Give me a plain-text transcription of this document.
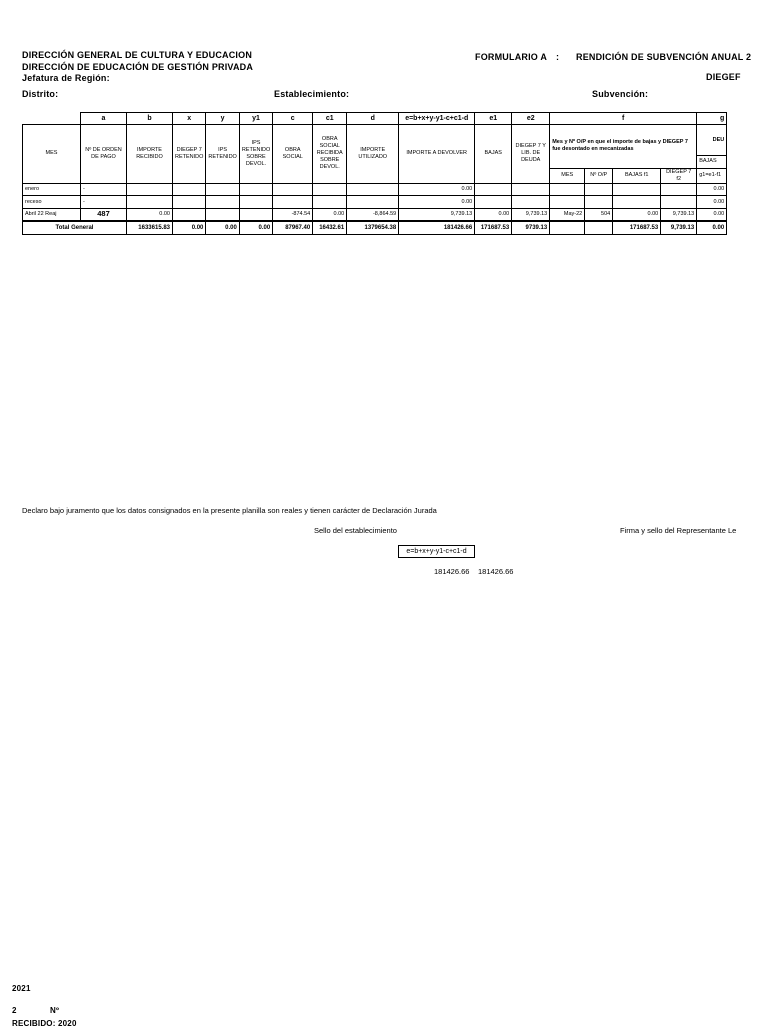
DIRECCIÓN GENERAL DE CULTURA Y EDUCACION
DIRECCIÓN DE EDUCACIÓN DE GESTIÓN PRIVADA
Jefatura de Región:
Distrito:	Establecimiento:	Subvención:
FORMULARIO A : RENDICIÓN DE SUBVENCIÓN ANUAL 2
DIEGEF
	a	b	x	y	y1	c	c1	d	e=b+x+y-y1-c+c1-d	e1	e2	f				g
MES	Nº DE ORDEN DE PAGO	IMPORTE RECIBIDO	DIEGEP 7 RETENIDO	IPS RETENIDO	IPS RETENIDO SOBRE DEVOL.	OBRA SOCIAL	OBRA SOCIAL RECIBIDA SOBRE DEVOL.	IMPORTE UTILIZADO	IMPORTE A DEVOLVER	BAJAS	DIEGEP 7 Y LIB. DE DEUDA	Mes y Nº O/P en que el importe de bajas y DIEGEP 7 fue desontado en mecanizadas				DEU
																BAJAS
												MES	Nº O/P	BAJAS f1	DIEGEP 7 f2	g1=e1-f1
enero	-								0.00							0.00
receso	-								0.00							0.00
Abril 22 Reaj	487	0.00				-874.54	0.00	-8,864.59	9,739.13	0.00	9,739.13	May-22	504	0.00	9,739.13	0.00
Total General		1633615.83	0.00	0.00	0.00	87967.40	16432.61	1379654.38	181426.66	171687.53	9739.13			171687.53	9,739.13	0.00
Declaro bajo juramento que los datos consignados en la presente planilla son reales y tienen carácter de Declaración Jurada
Sello del establecimiento	Firma y sello del Representante Le
e=b+x+y-y1-c+c1-d
181426.66 181426.66
2021
2	Nº
RECIBIDO: 2020
